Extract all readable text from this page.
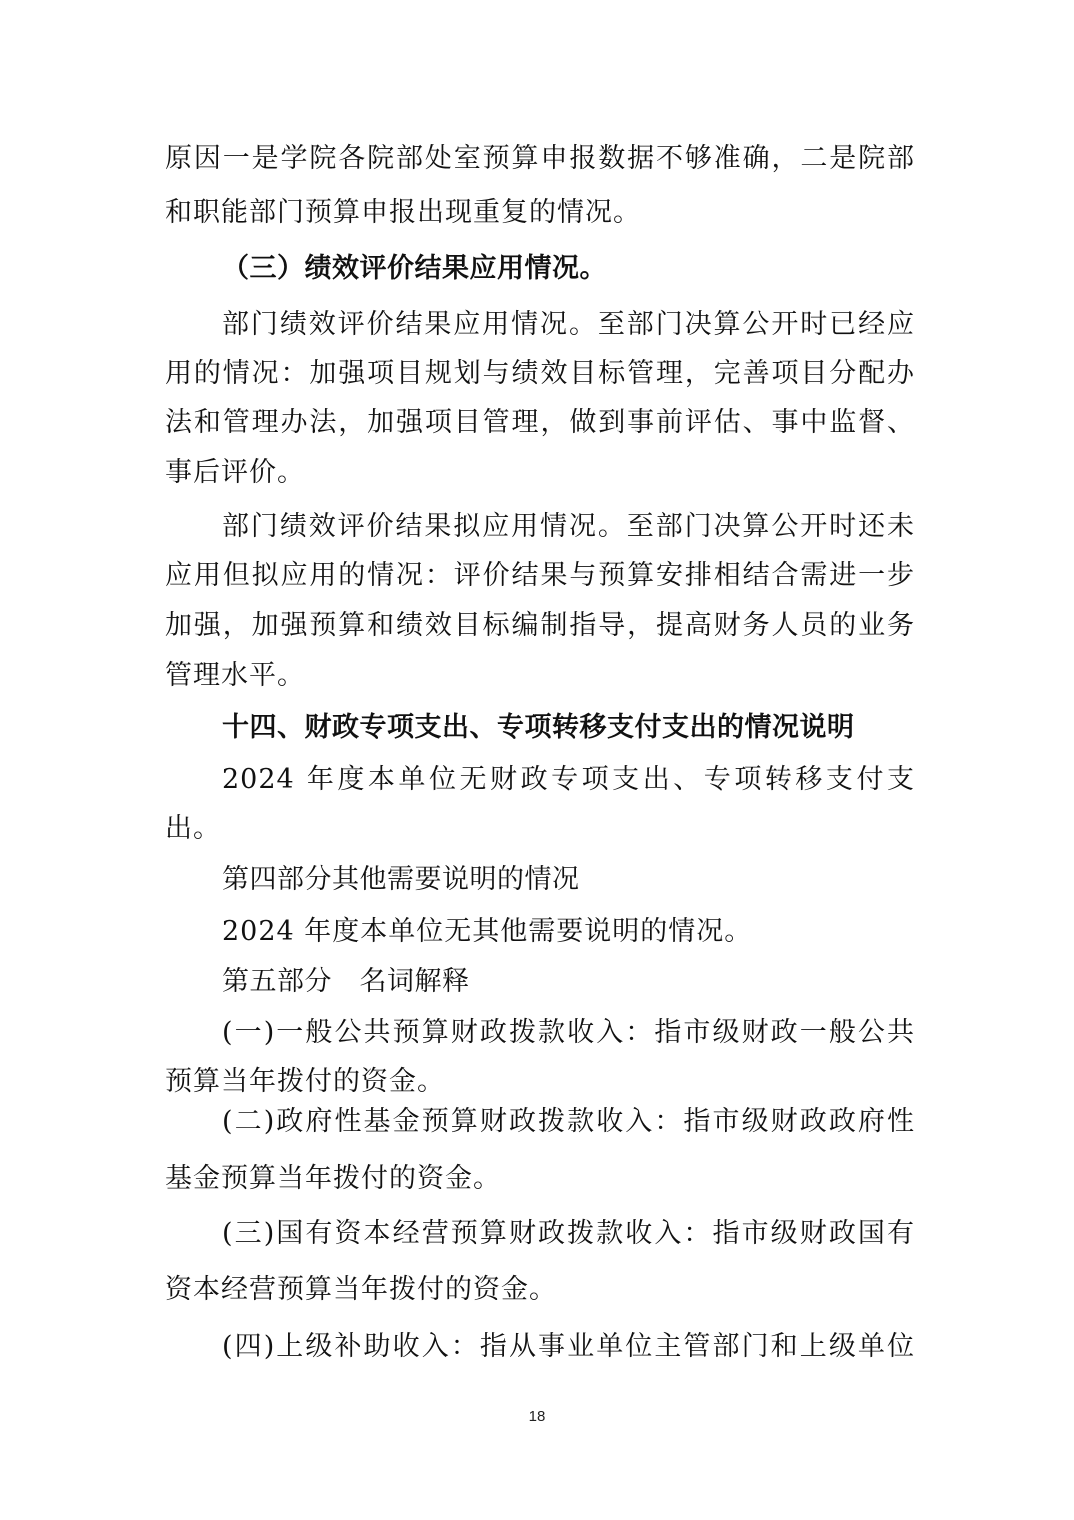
原因一是学院各院部处室预算申报数据不够准确，二是院部
和职能部门预算申报出现重复的情况。
（三）绩效评价结果应用情况。
部门绩效评价结果应用情况。至部门决算公开时已经应
用的情况：加强项目规划与绩效目标管理，完善项目分配办
法和管理办法，加强项目管理，做到事前评估、事中监督、
事后评价。
部门绩效评价结果拟应用情况。至部门决算公开时还未
应用但拟应用的情况：评价结果与预算安排相结合需进一步
加强，加强预算和绩效目标编制指导，提高财务人员的业务
管理水平。
十四、财政专项支出、专项转移支付支出的情况说明
2024 年度本单位无财政专项支出、专项转移支付支
出。
第四部分其他需要说明的情况
2024 年度本单位无其他需要说明的情况。
第五部分　名词解释
(一)一般公共预算财政拨款收入：指市级财政一般公共
预算当年拨付的资金。
(二)政府性基金预算财政拨款收入：指市级财政政府性
基金预算当年拨付的资金。
(三)国有资本经营预算财政拨款收入：指市级财政国有
资本经营预算当年拨付的资金。
(四)上级补助收入：指从事业单位主管部门和上级单位
18
